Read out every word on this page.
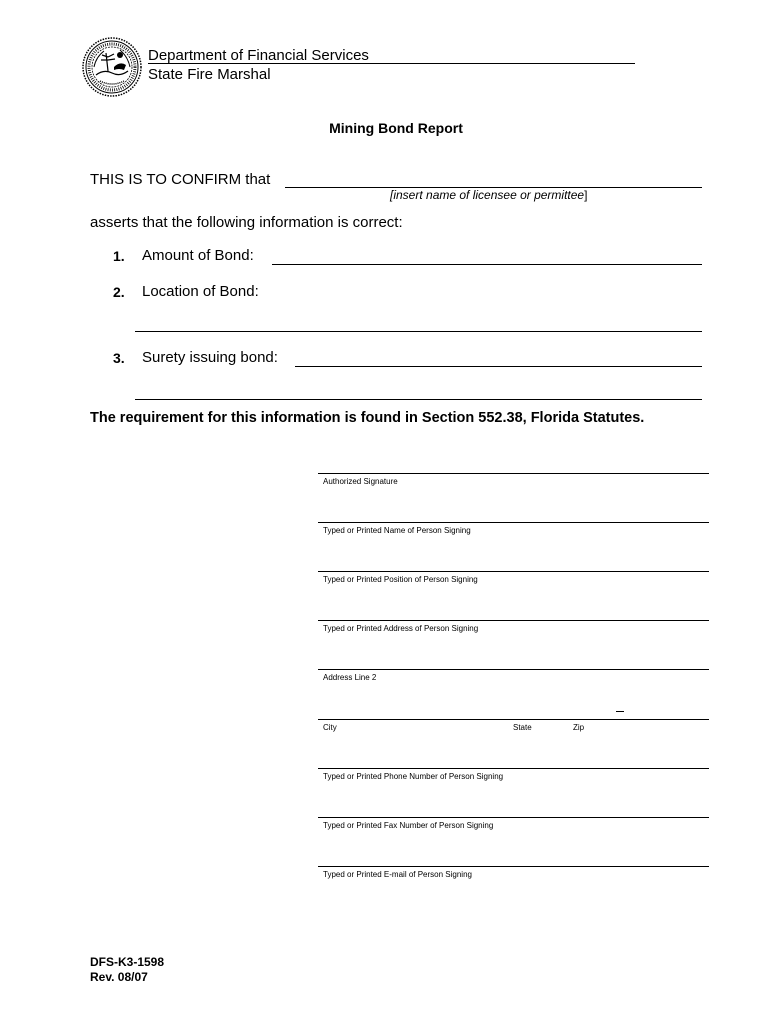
Department of Financial Services
State Fire Marshal
Mining Bond Report
THIS IS TO CONFIRM that
[insert name of licensee or permittee]
asserts that the following information is correct:
1. Amount of Bond:
2. Location of Bond:
3. Surety issuing bond:
The requirement for this information is found in Section 552.38, Florida Statutes.
Authorized Signature
Typed or Printed Name of Person Signing
Typed or Printed Position of Person Signing
Typed or Printed Address of Person Signing
Address Line 2
City	State	Zip
Typed or Printed Phone Number of Person Signing
Typed or Printed Fax Number of Person Signing
Typed or Printed E-mail of Person Signing
DFS-K3-1598
Rev. 08/07
